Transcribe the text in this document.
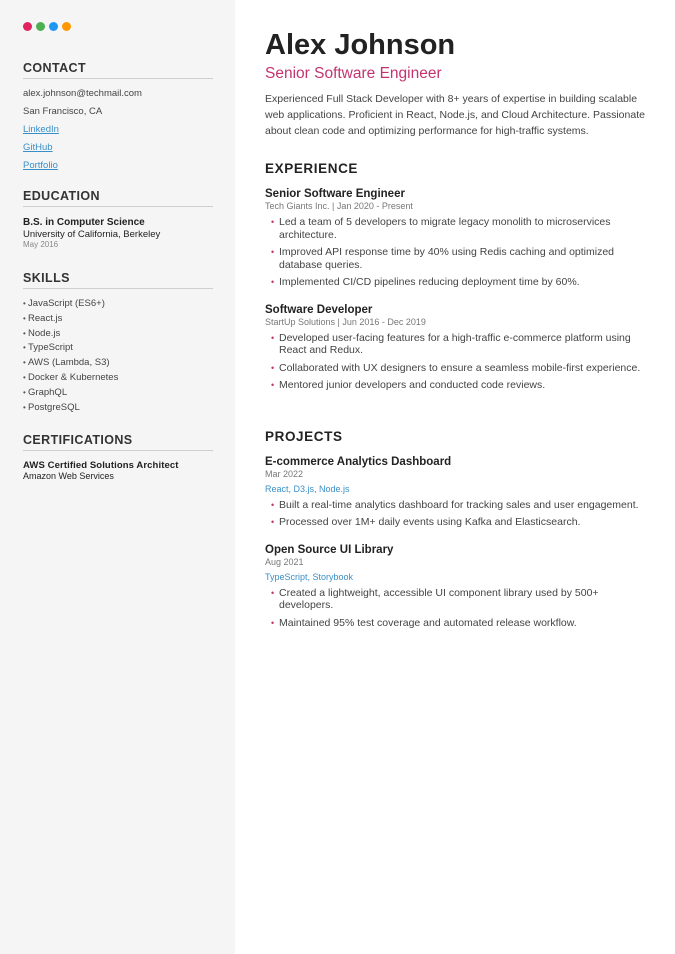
CONTACT
alex.johnson@techmail.com
San Francisco, CA
LinkedIn
GitHub
Portfolio
EDUCATION
B.S. in Computer Science
University of California, Berkeley
May 2016
SKILLS
• JavaScript (ES6+)
• React.js
• Node.js
• TypeScript
• AWS (Lambda, S3)
• Docker & Kubernetes
• GraphQL
• PostgreSQL
CERTIFICATIONS
AWS Certified Solutions Architect
Amazon Web Services
Alex Johnson
Senior Software Engineer

Experienced Full Stack Developer with 8+ years of expertise in building scalable web applications. Proficient in React, Node.js, and Cloud Architecture. Passionate about clean code and optimizing performance for high-traffic systems.

EXPERIENCE
Senior Software Engineer
Tech Giants Inc. | Jan 2020 - Present
• Led a team of 5 developers to migrate legacy monolith to microservices architecture.
• Improved API response time by 40% using Redis caching and optimized database queries.
• Implemented CI/CD pipelines reducing deployment time by 60%.
Software Developer
StartUp Solutions | Jun 2016 - Dec 2019
• Developed user-facing features for a high-traffic e-commerce platform using React and Redux.
• Collaborated with UX designers to ensure a seamless mobile-first experience.
• Mentored junior developers and conducted code reviews.
PROJECTS
E-commerce Analytics Dashboard
Mar 2022
React, D3.js, Node.js
• Built a real-time analytics dashboard for tracking sales and user engagement.
• Processed over 1M+ daily events using Kafka and Elasticsearch.
Open Source UI Library
Aug 2021
TypeScript, Storybook
• Created a lightweight, accessible UI component library used by 500+ developers.
• Maintained 95% test coverage and automated release workflow.
